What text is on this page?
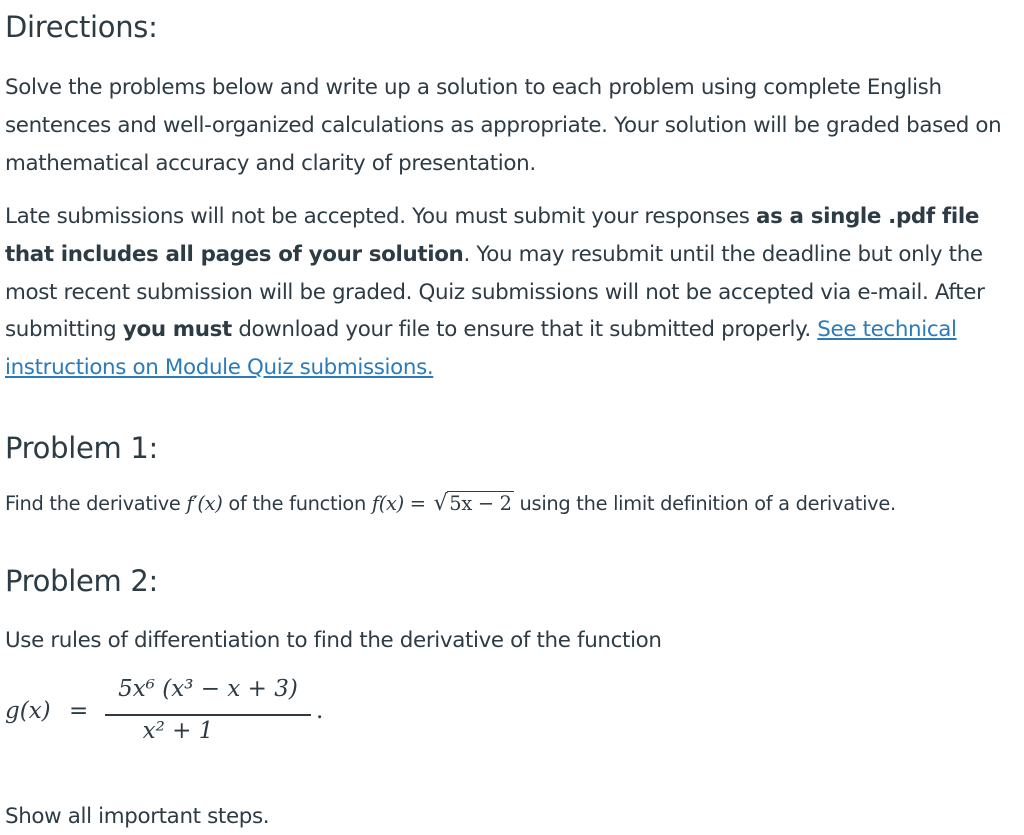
Directions:

Solve the problems below and write up a solution to each problem using complete English sentences and well-organized calculations as appropriate. Your solution will be graded based on mathematical accuracy and clarity of presentation.

Late submissions will not be accepted. You must submit your responses as a single .pdf file that includes all pages of your solution. You may resubmit until the deadline but only the most recent submission will be graded. Quiz submissions will not be accepted via e-mail. After submitting you must download your file to ensure that it submitted properly. See technical instructions on Module Quiz submissions.

Problem 1:

Find the derivative f′(x) of the function f(x) = √ 5x − 2 using the limit definition of a derivative.

Problem 2:

Use rules of differentiation to find the derivative of the function

g(x) =
5x⁶ (x³ − x + 3)
x² + 1
.

Show all important steps.
